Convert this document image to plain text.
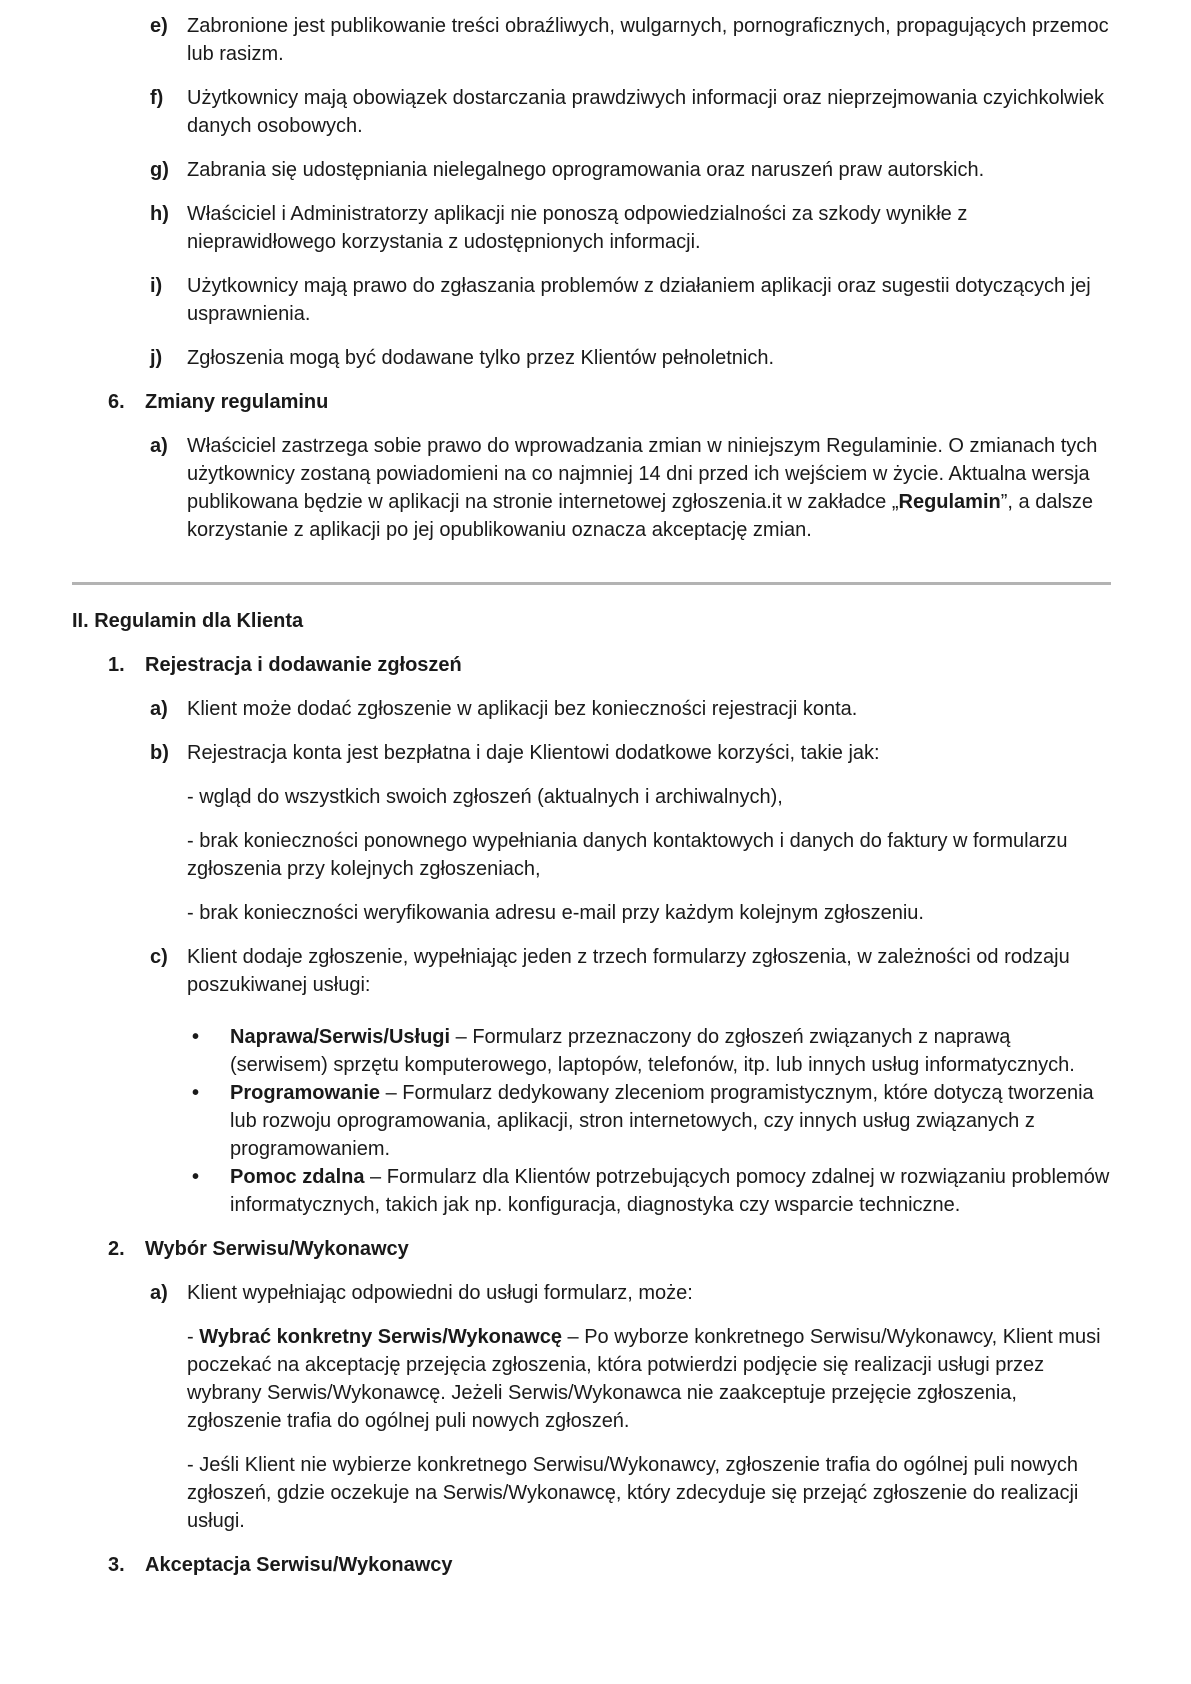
e) Zabronione jest publikowanie treści obraźliwych, wulgarnych, pornograficznych, propagujących przemoc lub rasizm.
f) Użytkownicy mają obowiązek dostarczania prawdziwych informacji oraz nieprzejmowania czyichkolwiek danych osobowych.
g) Zabrania się udostępniania nielegalnego oprogramowania oraz naruszeń praw autorskich.
h) Właściciel i Administratorzy aplikacji nie ponoszą odpowiedzialności za szkody wynikłe z nieprawidłowego korzystania z udostępnionych informacji.
i) Użytkownicy mają prawo do zgłaszania problemów z działaniem aplikacji oraz sugestii dotyczących jej usprawnienia.
j) Zgłoszenia mogą być dodawane tylko przez Klientów pełnoletnich.
6. Zmiany regulaminu
a) Właściciel zastrzega sobie prawo do wprowadzania zmian w niniejszym Regulaminie. O zmianach tych użytkownicy zostaną powiadomieni na co najmniej 14 dni przed ich wejściem w życie. Aktualna wersja publikowana będzie w aplikacji na stronie internetowej zgłoszenia.it w zakładce „Regulamin”, a dalsze korzystanie z aplikacji po jej opublikowaniu oznacza akceptację zmian.
II. Regulamin dla Klienta
1. Rejestracja i dodawanie zgłoszeń
a) Klient może dodać zgłoszenie w aplikacji bez konieczności rejestracji konta.
b) Rejestracja konta jest bezpłatna i daje Klientowi dodatkowe korzyści, takie jak:
- wgląd do wszystkich swoich zgłoszeń (aktualnych i archiwalnych),
- brak konieczności ponownego wypełniania danych kontaktowych i danych do faktury w formularzu zgłoszenia przy kolejnych zgłoszeniach,
- brak konieczności weryfikowania adresu e-mail przy każdym kolejnym zgłoszeniu.
c) Klient dodaje zgłoszenie, wypełniając jeden z trzech formularzy zgłoszenia, w zależności od rodzaju poszukiwanej usługi:
• Naprawa/Serwis/Usługi – Formularz przeznaczony do zgłoszeń związanych z naprawą (serwisem) sprzętu komputerowego, laptopów, telefonów, itp. lub innych usług informatycznych.
• Programowanie – Formularz dedykowany zleceniom programistycznym, które dotyczą tworzenia lub rozwoju oprogramowania, aplikacji, stron internetowych, czy innych usług związanych z programowaniem.
• Pomoc zdalna – Formularz dla Klientów potrzebujących pomocy zdalnej w rozwiązaniu problemów informatycznych, takich jak np. konfiguracja, diagnostyka czy wsparcie techniczne.
2. Wybór Serwisu/Wykonawcy
a) Klient wypełniając odpowiedni do usługi formularz, może:
- Wybrać konkretny Serwis/Wykonawcę – Po wyborze konkretnego Serwisu/Wykonawcy, Klient musi poczekać na akceptację przejęcia zgłoszenia, która potwierdzi podjęcie się realizacji usługi przez wybrany Serwis/Wykonawcę. Jeżeli Serwis/Wykonawca nie zaakceptuje przejęcie zgłoszenia, zgłoszenie trafia do ogólnej puli nowych zgłoszeń.
- Jeśli Klient nie wybierze konkretnego Serwisu/Wykonawcy, zgłoszenie trafia do ogólnej puli nowych zgłoszeń, gdzie oczekuje na Serwis/Wykonawcę, który zdecyduje się przejąć zgłoszenie do realizacji usługi.
3. Akceptacja Serwisu/Wykonawcy
